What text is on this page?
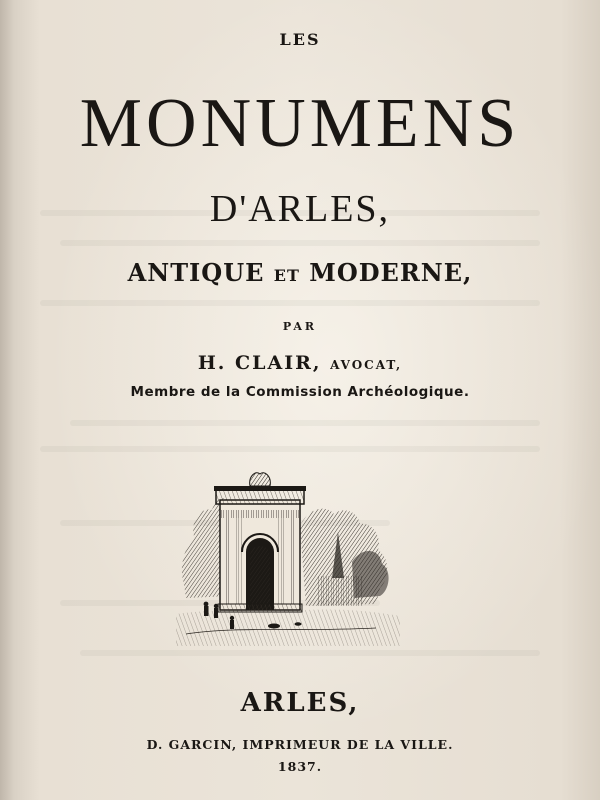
LES
MONUMENS
D'ARLES,
ANTIQUE ET MODERNE,
PAR
H. CLAIR, AVOCAT,
Membre de la Commission Archéologique.
ARLES,
D. GARCIN, IMPRIMEUR DE LA VILLE.
1837.
